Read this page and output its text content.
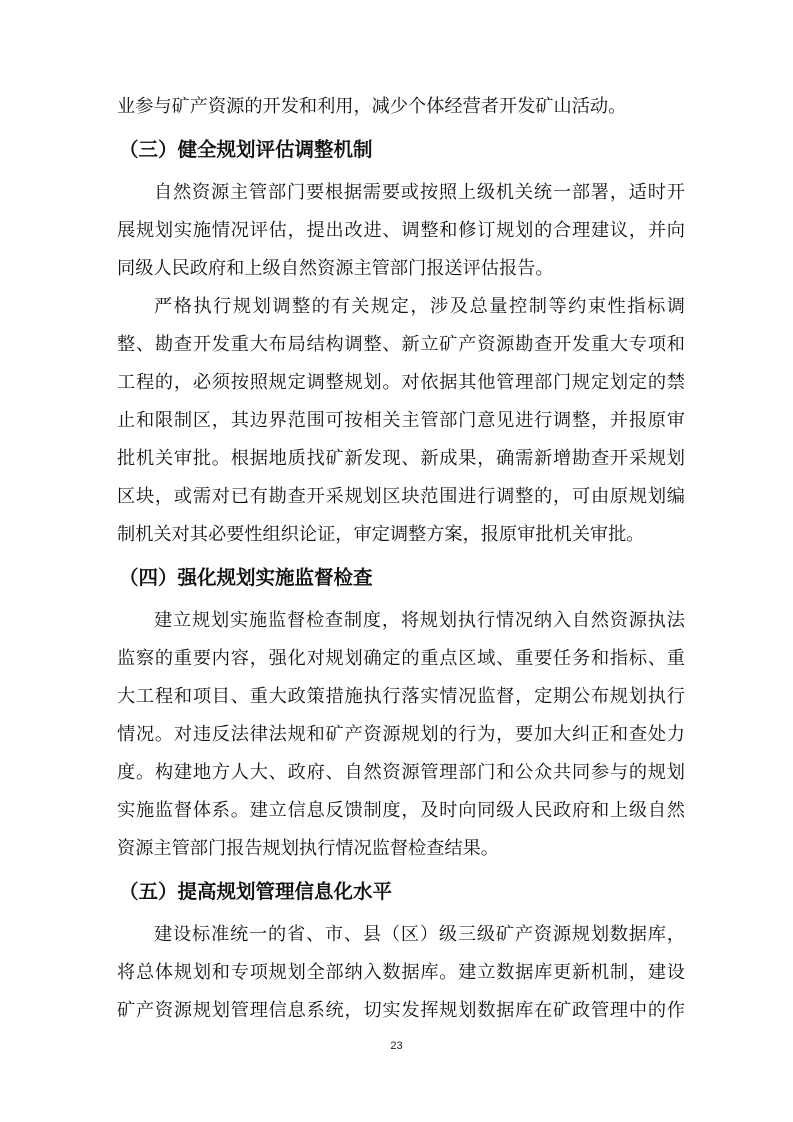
业参与矿产资源的开发和利用，减少个体经营者开发矿山活动。
（三）健全规划评估调整机制
自然资源主管部门要根据需要或按照上级机关统一部署，适时开
展规划实施情况评估，提出改进、调整和修订规划的合理建议，并向
同级人民政府和上级自然资源主管部门报送评估报告。
严格执行规划调整的有关规定，涉及总量控制等约束性指标调
整、勘查开发重大布局结构调整、新立矿产资源勘查开发重大专项和
工程的，必须按照规定调整规划。对依据其他管理部门规定划定的禁
止和限制区，其边界范围可按相关主管部门意见进行调整，并报原审
批机关审批。根据地质找矿新发现、新成果，确需新增勘查开采规划
区块，或需对已有勘查开采规划区块范围进行调整的，可由原规划编
制机关对其必要性组织论证，审定调整方案，报原审批机关审批。
（四）强化规划实施监督检查
建立规划实施监督检查制度，将规划执行情况纳入自然资源执法
监察的重要内容，强化对规划确定的重点区域、重要任务和指标、重
大工程和项目、重大政策措施执行落实情况监督，定期公布规划执行
情况。对违反法律法规和矿产资源规划的行为，要加大纠正和查处力
度。构建地方人大、政府、自然资源管理部门和公众共同参与的规划
实施监督体系。建立信息反馈制度，及时向同级人民政府和上级自然
资源主管部门报告规划执行情况监督检查结果。
（五）提高规划管理信息化水平
建设标准统一的省、市、县（区）级三级矿产资源规划数据库，
将总体规划和专项规划全部纳入数据库。建立数据库更新机制，建设
矿产资源规划管理信息系统，切实发挥规划数据库在矿政管理中的作
23
